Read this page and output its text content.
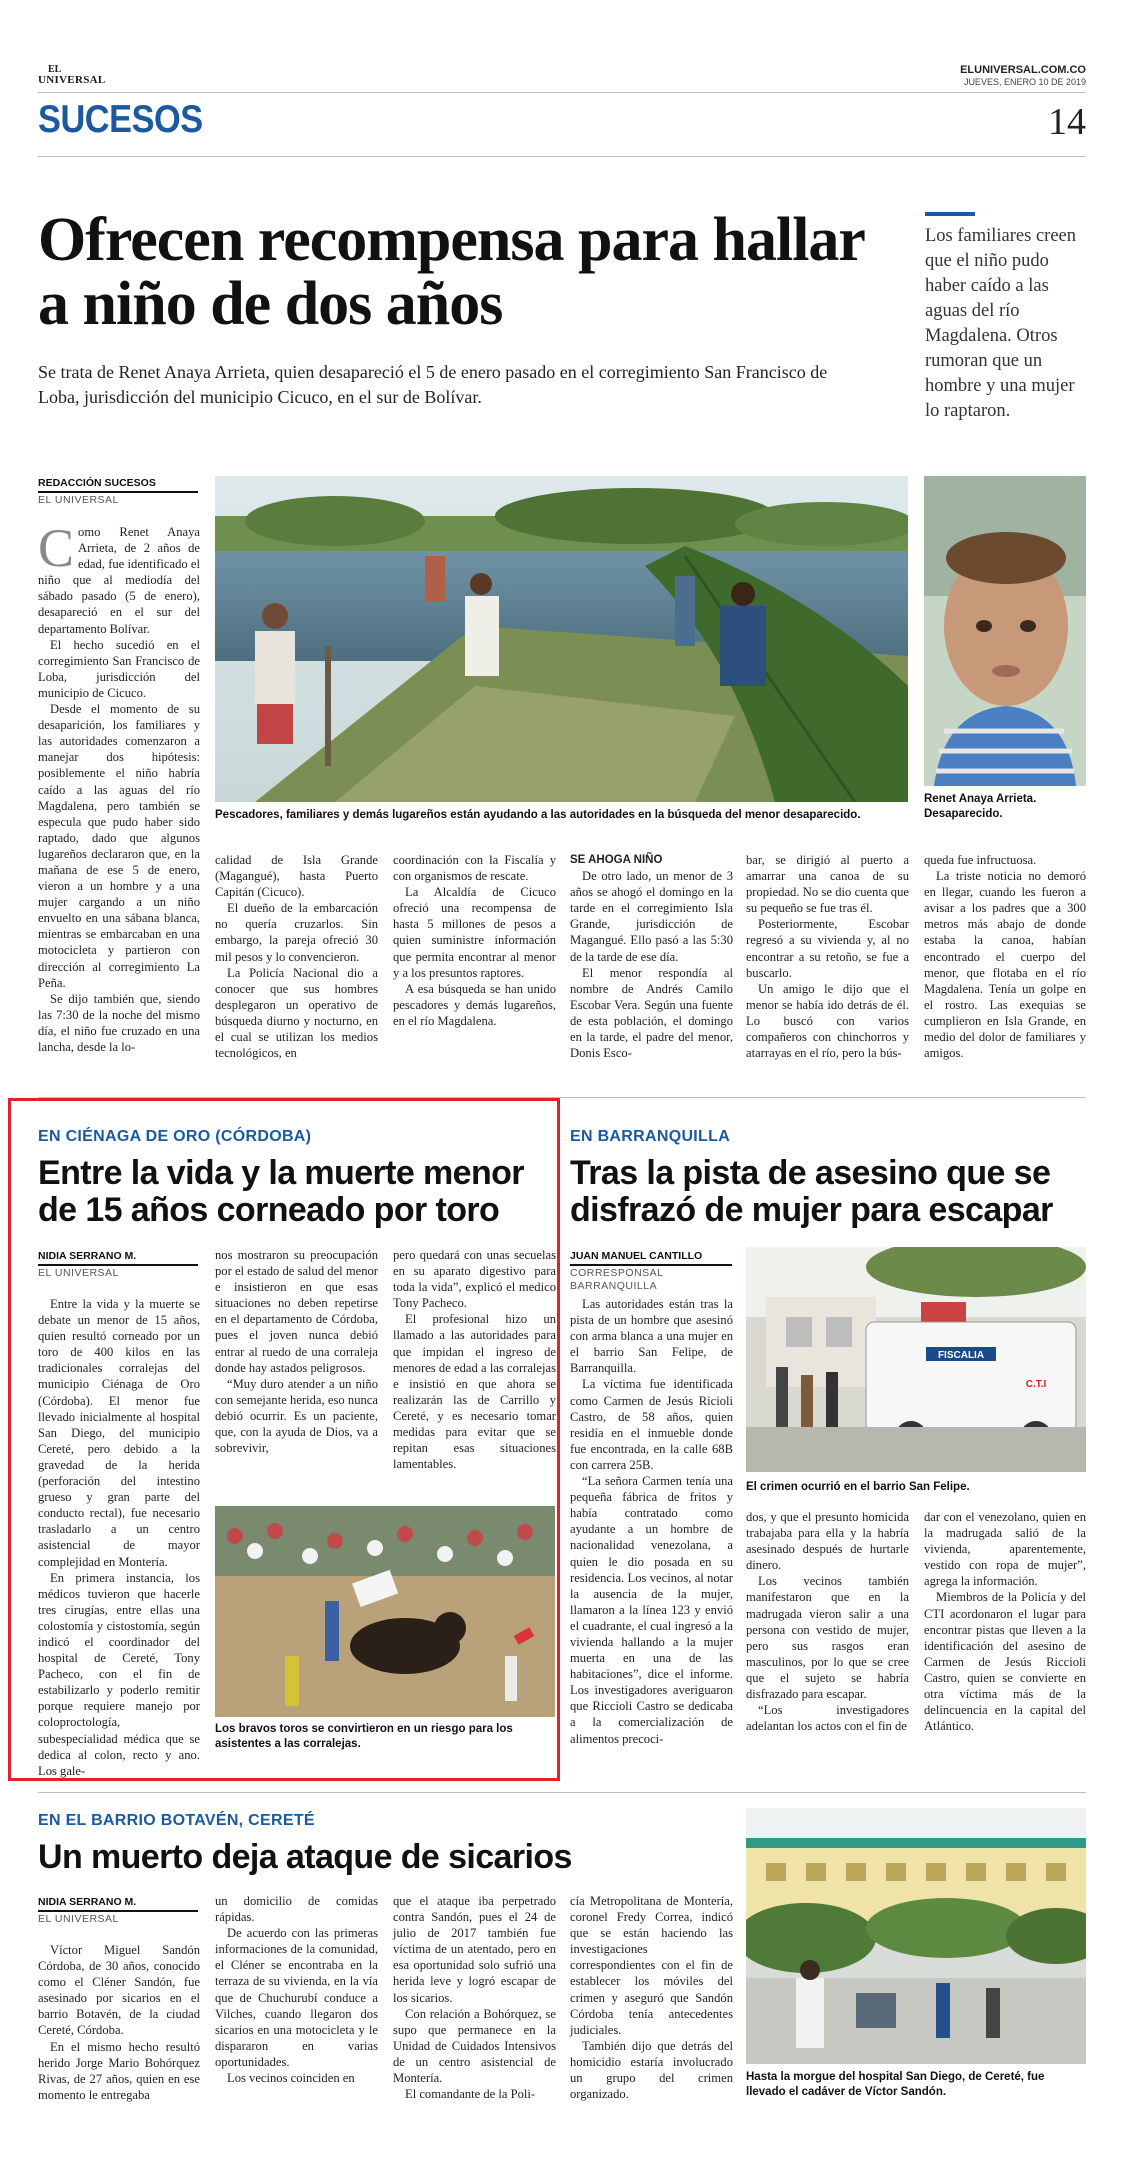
EL
UNIVERSAL
ELUNIVERSAL.COM.CO
JUEVES, ENERO 10 DE 2019
SUCESOS	14
Ofrecen recompensa para hallar a niño de dos años
Se trata de Renet Anaya Arrieta, quien desapareció el 5 de enero pasado en el corregimiento San Francisco de Loba, jurisdicción del municipio Cicuco, en el sur de Bolívar.
Los familiares creen que el niño pudo haber caído a las aguas del río Magdalena. Otros rumoran que un hombre y una mujer lo raptaron.
REDACCIÓN SUCESOS
EL UNIVERSAL

Como Renet Anaya Arrieta, de 2 años de edad, fue identificado el niño que al mediodía del sábado pasado (5 de enero), desapareció en el sur del departamento Bolívar.

El hecho sucedió en el corregimiento San Francisco de Loba, jurisdicción del municipio de Cicuco.

Desde el momento de su desaparición, los familiares y las autoridades comenzaron a manejar dos hipótesis: posiblemente el niño habría caído a las aguas del río Magdalena, pero también se especula que pudo haber sido raptado, dado que algunos lugareños declararon que, en la mañana de ese 5 de enero, vieron a un hombre y a una mujer cargando a un niño envuelto en una sábana blanca, mientras se embarcaban en una motocicleta y partieron con dirección al corregimiento La Peña.

Se dijo también que, siendo las 7:30 de la noche del mismo día, el niño fue cruzado en una lancha, desde la lo-

Pescadores, familiares y demás lugareños están ayudando a las autoridades en la búsqueda del menor desaparecido.
Renet Anaya Arrieta. Desaparecido.

calidad de Isla Grande (Magangué), hasta Puerto Capitán (Cicuco).

El dueño de la embarcación no quería cruzarlos. Sin embargo, la pareja ofreció 30 mil pesos y lo convencieron.

La Policía Nacional dio a conocer que sus hombres desplegaron un operativo de búsqueda diurno y nocturno, en el cual se utilizan los medios tecnológicos, en

coordinación con la Fiscalía y con organismos de rescate.

La Alcaldía de Cicuco ofreció una recompensa de hasta 5 millones de pesos a quien suministre información que permita encontrar al menor y a los presuntos raptores.

A esa búsqueda se han unido pescadores y demás lugareños, en el río Magdalena.

SE AHOGA NIÑO

De otro lado, un menor de 3 años se ahogó el domingo en la tarde en el corregimiento Isla Grande, jurisdicción de Magangué. Ello pasó a las 5:30 de la tarde de ese día.

El menor respondía al nombre de Andrés Camilo Escobar Vera. Según una fuente de esta población, el domingo en la tarde, el padre del menor, Donis Esco-

bar, se dirigió al puerto a amarrar una canoa de su propiedad. No se dio cuenta que su pequeño se fue tras él.

Posteriormente, Escobar regresó a su vivienda y, al no encontrar a su retoño, se fue a buscarlo.

Un amigo le dijo que el menor se había ido detrás de él. Lo buscó con varios compañeros con chinchorros y atarrayas en el río, pero la bús-

queda fue infructuosa.

La triste noticia no demoró en llegar, cuando les fueron a avisar a los padres que a 300 metros más abajo de donde estaba la canoa, habían encontrado el cuerpo del menor, que flotaba en el río Magdalena. Tenía un golpe en el rostro. Las exequias se cumplieron en Isla Grande, en medio del dolor de familiares y amigos.

EN CIÉNAGA DE ORO (CÓRDOBA)
Entre la vida y la muerte menor de 15 años corneado por toro
NIDIA SERRANO M.
EL UNIVERSAL

Entre la vida y la muerte se debate un menor de 15 años, quien resultó corneado por un toro de 400 kilos en las tradicionales corralejas del municipio Ciénaga de Oro (Córdoba). El menor fue llevado inicialmente al hospital San Diego, del municipio Cereté, pero debido a la gravedad de la herida (perforación del intestino grueso y gran parte del conducto rectal), fue necesario trasladarlo a un centro asistencial de mayor complejidad en Montería.

En primera instancia, los médicos tuvieron que hacerle tres cirugías, entre ellas una colostomía y cistostomía, según indicó el coordinador del hospital de Cereté, Tony Pacheco, con el fin de estabilizarlo y poderlo remitir porque requiere manejo por coloproctología, subespecialidad médica que se dedica al colon, recto y ano. Los gale-

nos mostraron su preocupación por el estado de salud del menor e insistieron en que esas situaciones no deben repetirse en el departamento de Córdoba, pues el joven nunca debió entrar al ruedo de una corraleja donde hay astados peligrosos.

“Muy duro atender a un niño con semejante herida, eso nunca debió ocurrir. Es un paciente, que, con la ayuda de Dios, va a sobrevivir,

pero quedará con unas secuelas en su aparato digestivo para toda la vida”, explicó el medico Tony Pacheco.

El profesional hizo un llamado a las autoridades para que impidan el ingreso de menores de edad a las corralejas e insistió en que ahora se realizarán las de Carrillo y Cereté, y es necesario tomar medidas para evitar que se repitan esas situaciones lamentables.

Los bravos toros se convirtieron en un riesgo para los asistentes a las corralejas.
EN BARRANQUILLA
Tras la pista de asesino que se disfrazó de mujer para escapar
JUAN MANUEL CANTILLO
CORRESPONSAL BARRANQUILLA
FISCALIA
C.T.I
El crimen ocurrió en el barrio San Felipe.

Las autoridades están tras la pista de un hombre que asesinó con arma blanca a una mujer en el barrio San Felipe, de Barranquilla.

La víctima fue identificada como Carmen de Jesús Ricioli Castro, de 58 años, quien residía en el inmueble donde fue encontrada, en la calle 68B con carrera 25B.

“La señora Carmen tenía una pequeña fábrica de fritos y había contratado como ayudante a un hombre de nacionalidad venezolana, a quien le dio posada en su residencia. Los vecinos, al notar la ausencia de la mujer, llamaron a la línea 123 y envió el cuadrante, el cual ingresó a la vivienda hallando a la mujer muerta en una de las habitaciones”, dice el informe. Los investigadores averiguaron que Riccioli Castro se dedicaba a la comercialización de alimentos precoci-

dos, y que el presunto homicida trabajaba para ella y la habría asesinado después de hurtarle dinero.

Los vecinos también manifestaron que en la madrugada vieron salir a una persona con vestido de mujer, pero sus rasgos eran masculinos, por lo que se cree que el sujeto se habría disfrazado para escapar.

“Los investigadores adelantan los actos con el fin de

dar con el venezolano, quien en la madrugada salió de la vivienda, aparentemente, vestido con ropa de mujer”, agrega la información.

Miembros de la Policía y del CTI acordonaron el lugar para encontrar pistas que lleven a la identificación del asesino de Carmen de Jesús Riccioli Castro, quien se convierte en otra víctima más de la delincuencia en la capital del Atlántico.

EN EL BARRIO BOTAVÉN, CERETÉ
Un muerto deja ataque de sicarios
NIDIA SERRANO M.
EL UNIVERSAL

Víctor Miguel Sandón Córdoba, de 30 años, conocido como el Cléner Sandón, fue asesinado por sicarios en el barrio Botavén, de la ciudad Cereté, Córdoba.

En el mismo hecho resultó herido Jorge Mario Bohórquez Rivas, de 27 años, quien en ese momento le entregaba

un domicilio de comidas rápidas.

De acuerdo con las primeras informaciones de la comunidad, el Cléner se encontraba en la terraza de su vivienda, en la vía que de Chuchurubí conduce a Vilches, cuando llegaron dos sicarios en una motocicleta y le dispararon en varias oportunidades.

Los vecinos coinciden en

que el ataque iba perpetrado contra Sandón, pues el 24 de julio de 2017 también fue víctima de un atentado, pero en esa oportunidad solo sufrió una herida leve y logró escapar de los sicarios.

Con relación a Bohórquez, se supo que permanece en la Unidad de Cuidados Intensivos de un centro asistencial de Montería.

El comandante de la Poli-

cía Metropolitana de Montería, coronel Fredy Correa, indicó que se están haciendo las investigaciones correspondientes con el fin de establecer los móviles del crimen y aseguró que Sandón Córdoba tenía antecedentes judiciales.

También dijo que detrás del homicidio estaría involucrado un grupo del crimen organizado.

Hasta la morgue del hospital San Diego, de Cereté, fue llevado el cadáver de Víctor Sandón.
